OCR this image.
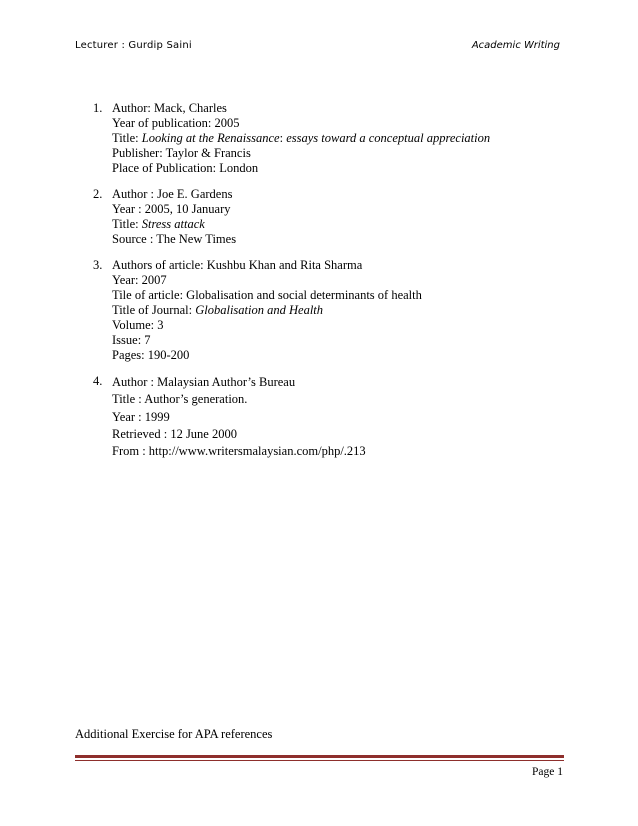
Lecturer : Gurdip Saini	Academic Writing
1. Author: Mack, Charles
Year of publication: 2005
Title: Looking at the Renaissance: essays toward a conceptual appreciation
Publisher: Taylor & Francis
Place of Publication: London
2. Author : Joe E. Gardens
Year : 2005, 10 January
Title: Stress attack
Source : The New Times
3. Authors of article: Kushbu Khan and Rita Sharma
Year: 2007
Tile of article: Globalisation and social determinants of health
Title of Journal: Globalisation and Health
Volume: 3
Issue: 7
Pages: 190-200
4. Author : Malaysian Author’s Bureau
Title : Author’s generation.
Year : 1999
Retrieved : 12 June 2000
From : http://www.writersmalaysian.com/php/.213
Additional Exercise for APA references
Page 1
